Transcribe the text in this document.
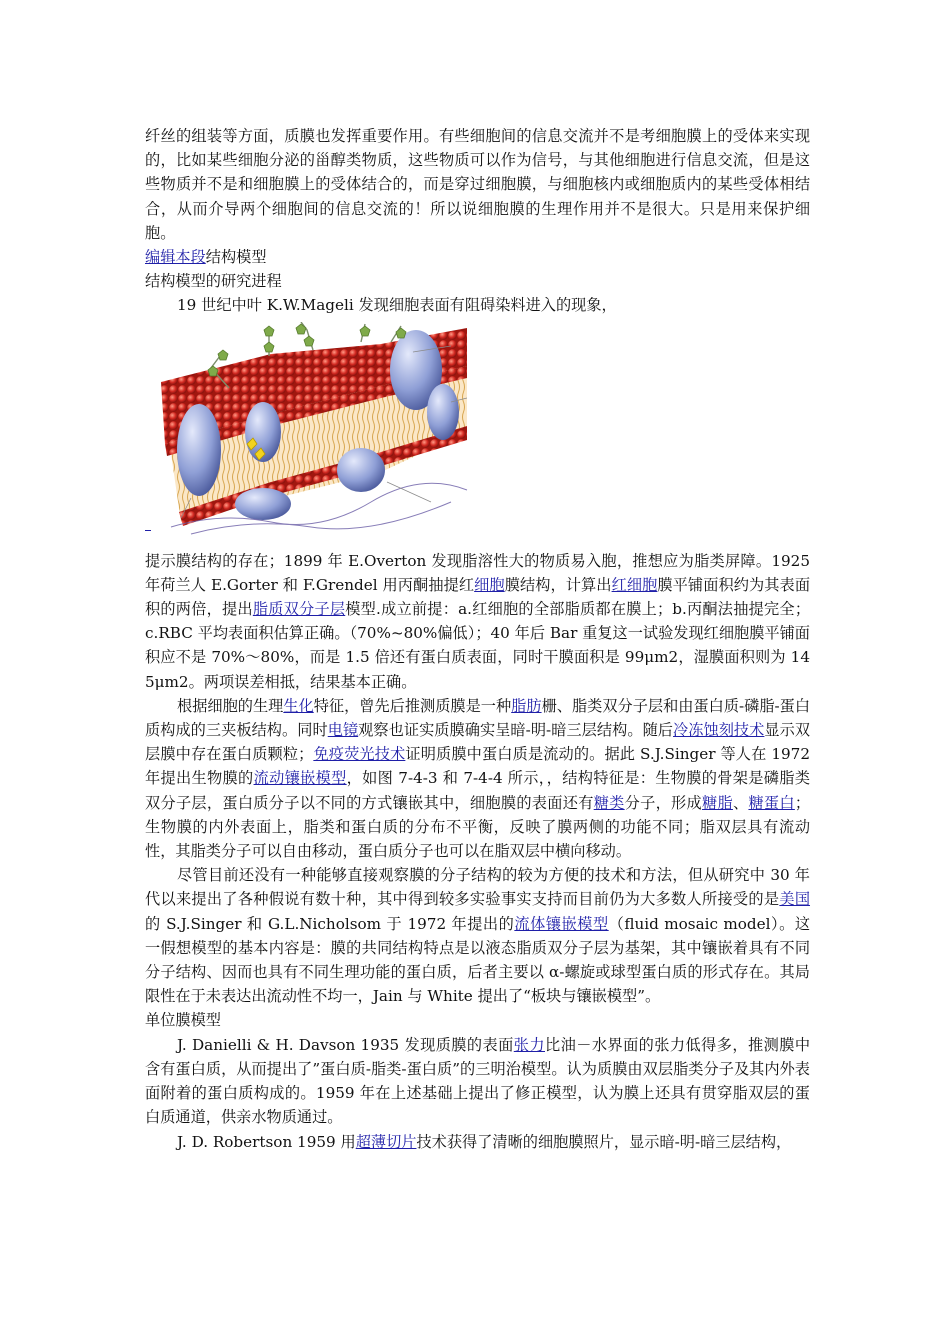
纤丝的组装等方面，质膜也发挥重要作用。有些细胞间的信息交流并不是考细胞膜上的受体来实现的，比如某些细胞分泌的甾醇类物质，这些物质可以作为信号，与其他细胞进行信息交流，但是这些物质并不是和细胞膜上的受体结合的，而是穿过细胞膜，与细胞核内或细胞质内的某些受体相结合，从而介导两个细胞间的信息交流的！所以说细胞膜的生理作用并不是很大。只是用来保护细胞。

编辑本段结构模型

结构模型的研究进程

19 世纪中叶 K.W.Mageli 发现细胞表面有阻碍染料进入的现象，

提示膜结构的存在；1899 年 E.Overton 发现脂溶性大的物质易入胞，推想应为脂类屏障。1925 年荷兰人 E.Gorter 和 F.Grendel 用丙酮抽提红细胞膜结构，计算出红细胞膜平铺面积约为其表面积的两倍，提出脂质双分子层模型.成立前提：a.红细胞的全部脂质都在膜上；b.丙酮法抽提完全；c.RBC 平均表面积估算正确。（70%~80%偏低）；40 年后 Bar 重复这一试验发现红细胞膜平铺面积应不是 70%～80%，而是 1.5 倍还有蛋白质表面，同时干膜面积是 99μm2，湿膜面积则为 145μm2。两项误差相抵，结果基本正确。

根据细胞的生理生化特征，曾先后推测质膜是一种脂肪栅、脂类双分子层和由蛋白质-磷脂-蛋白质构成的三夹板结构。同时电镜观察也证实质膜确实呈暗-明-暗三层结构。随后冷冻蚀刻技术显示双层膜中存在蛋白质颗粒；免疫荧光技术证明质膜中蛋白质是流动的。据此 S.J.Singer 等人在 1972 年提出生物膜的流动镶嵌模型，如图 7-4-3 和 7-4-4 所示，，结构特征是：生物膜的骨架是磷脂类双分子层，蛋白质分子以不同的方式镶嵌其中，细胞膜的表面还有糖类分子，形成糖脂、糖蛋白；生物膜的内外表面上，脂类和蛋白质的分布不平衡，反映了膜两侧的功能不同；脂双层具有流动性，其脂类分子可以自由移动，蛋白质分子也可以在脂双层中横向移动。

尽管目前还没有一种能够直接观察膜的分子结构的较为方便的技术和方法，但从研究中 30 年代以来提出了各种假说有数十种，其中得到较多实验事实支持而目前仍为大多数人所接受的是美国的 S.J.Singer 和 G.L.Nicholsom 于 1972 年提出的流体镶嵌模型（fluid mosaic model）。这一假想模型的基本内容是：膜的共同结构特点是以液态脂质双分子层为基架，其中镶嵌着具有不同分子结构、因而也具有不同生理功能的蛋白质，后者主要以 α-螺旋或球型蛋白质的形式存在。其局限性在于未表达出流动性不均一，Jain 与 White 提出了“板块与镶嵌模型”。

单位膜模型

J. Danielli & H. Davson 1935 发现质膜的表面张力比油－水界面的张力低得多，推测膜中含有蛋白质，从而提出了”蛋白质-脂类-蛋白质”的三明治模型。认为质膜由双层脂类分子及其内外表面附着的蛋白质构成的。1959 年在上述基础上提出了修正模型，认为膜上还具有贯穿脂双层的蛋白质通道，供亲水物质通过。

J. D. Robertson 1959 用超薄切片技术获得了清晰的细胞膜照片，显示暗-明-暗三层结构，
